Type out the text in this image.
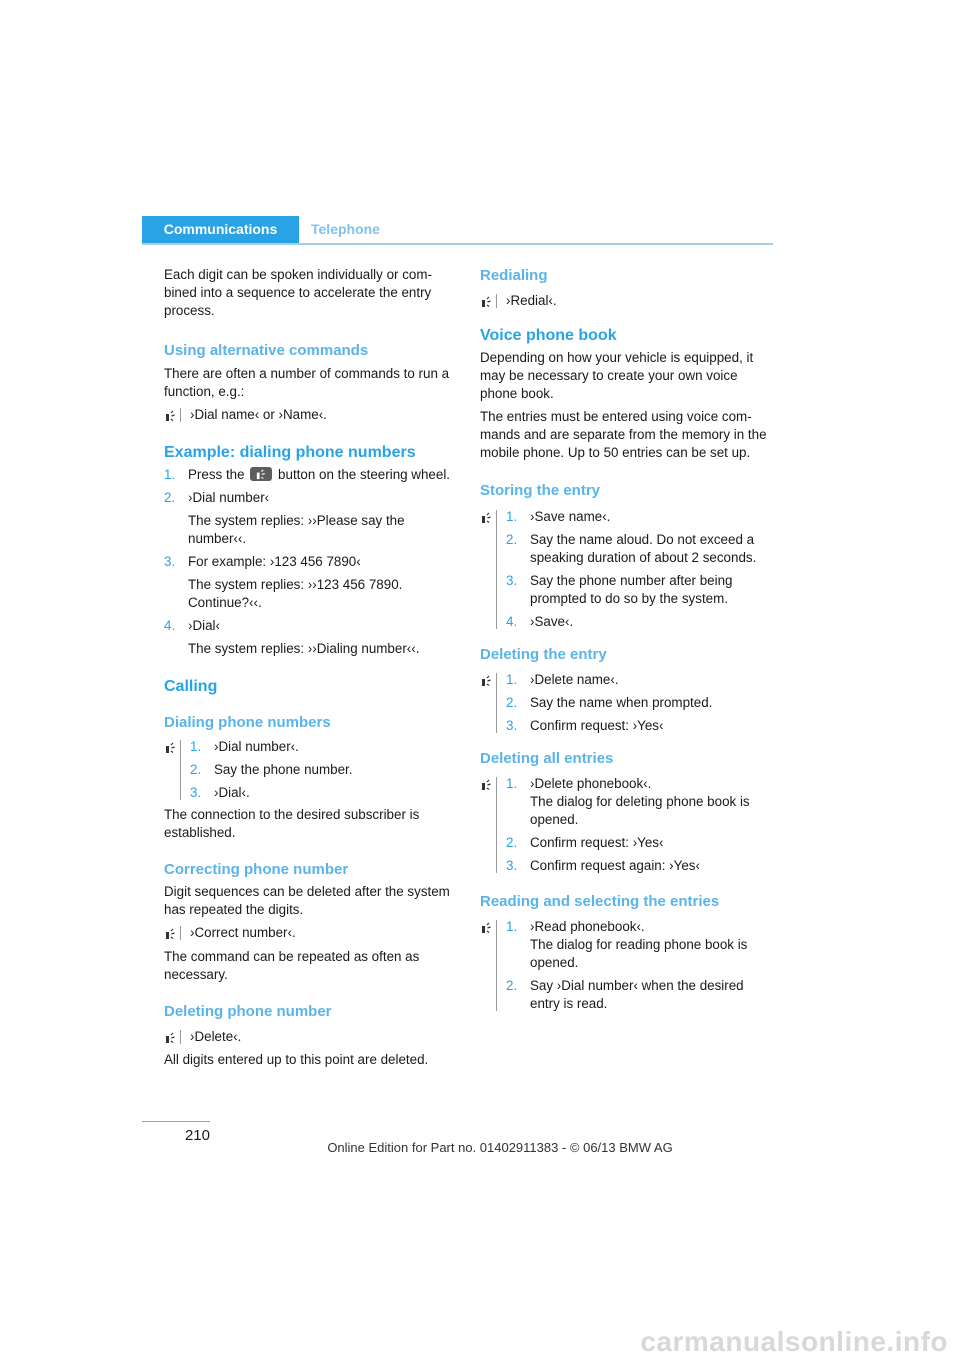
Communications	Telephone

Each digit can be spoken individually or com- bined into a sequence to accelerate the entry process.

Using alternative commands

There are often a number of commands to run a function, e.g.:

›Dial name‹ or ›Name‹.

Example: dialing phone numbers
1. Press the button on the steering wheel.
2. ›Dial number‹
The system replies: ››Please say the number‹‹.
3. For example: ›123 456 7890‹
The system replies: ››123 456 7890. Continue?‹‹.
4. ›Dial‹
The system replies: ››Dialing number‹‹.
Calling
Dialing phone numbers
1. ›Dial number‹.
2. Say the phone number.
3. ›Dial‹.

The connection to the desired subscriber is established.

Correcting phone number

Digit sequences can be deleted after the system has repeated the digits.

›Correct number‹.

The command can be repeated as often as necessary.

Deleting phone number

›Delete‹.

All digits entered up to this point are deleted.

Redialing

›Redial‹.

Voice phone book

Depending on how your vehicle is equipped, it may be necessary to create your own voice phone book.

The entries must be entered using voice com- mands and are separate from the memory in the mobile phone. Up to 50 entries can be set up.

Storing the entry
1. ›Save name‹.
2. Say the name aloud. Do not exceed a speaking duration of about 2 seconds.
3. Say the phone number after being prompted to do so by the system.
4. ›Save‹.
Deleting the entry
1. ›Delete name‹.
2. Say the name when prompted.
3. Confirm request: ›Yes‹
Deleting all entries
1. ›Delete phonebook‹.
The dialog for deleting phone book is opened.
2. Confirm request: ›Yes‹
3. Confirm request again: ›Yes‹
Reading and selecting the entries
1. ›Read phonebook‹.
The dialog for reading phone book is opened.
2. Say ›Dial number‹ when the desired entry is read.
210
Online Edition for Part no. 01402911383 - © 06/13 BMW AG
carmanualsonline.info
